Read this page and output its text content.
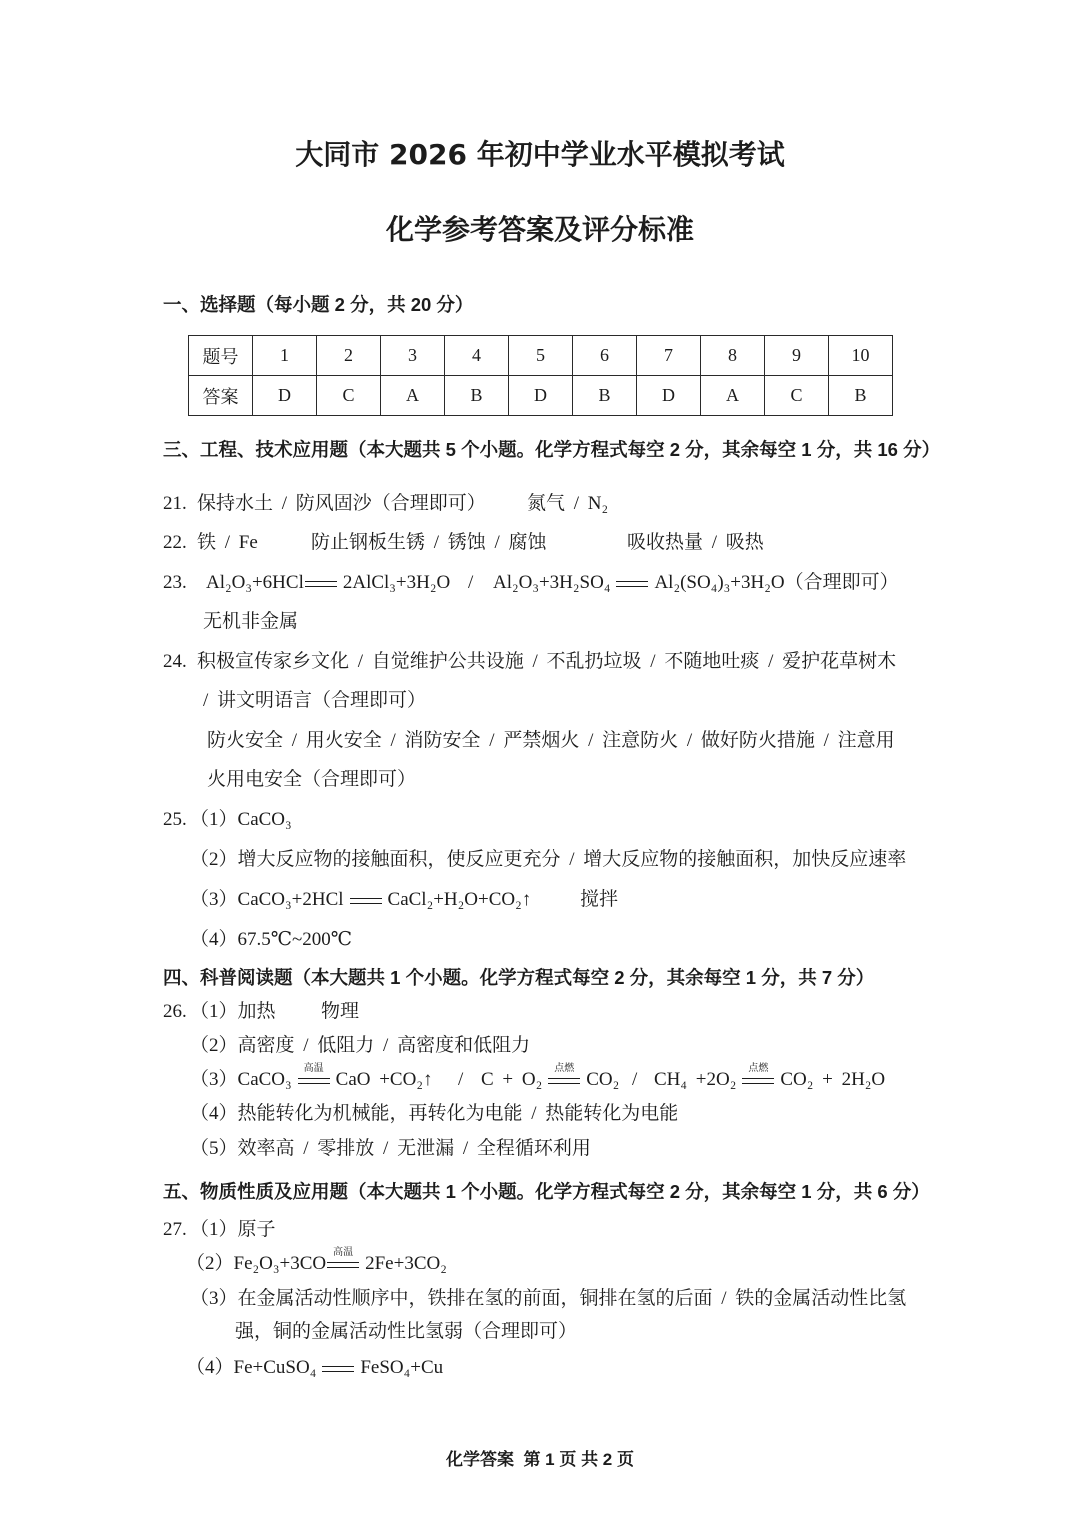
大同市 2026 年初中学业水平模拟考试
化学参考答案及评分标准
一、选择题（每小题 2 分，共 20 分）
题号	1	2	3	4	5	6	7	8	9	10
答案	D	C	A	B	D	B	D	A	C	B
三、工程、技术应用题（本大题共 5 个小题。化学方程式每空 2 分，其余每空 1 分，共 16 分）
21. 保持水土 / 防风固沙（合理即可） 氮气 / N₂
22. 铁 / Fe	防止钢板生锈 / 锈蚀 / 腐蚀	吸收热量 / 吸热
23. Al₂O₃+6HCl 2AlCl₃+3H₂O / Al₂O₃+3H₂SO₄ Al₂(SO₄)₃+3H₂O（合理即可）
无机非金属
24. 积极宣传家乡文化 / 自觉维护公共设施 / 不乱扔垃圾 / 不随地吐痰 / 爱护花草树木
/ 讲文明语言（合理即可）
防火安全 / 用火安全 / 消防安全 / 严禁烟火 / 注意防火 / 做好防火措施 / 注意用
火用电安全（合理即可）
25. （1）CaCO₃
（2）增大反应物的接触面积，使反应更充分 / 增大反应物的接触面积，加快反应速率
（3）CaCO₃+2HCl CaCl₂+H₂O+CO₂↑	搅拌
（4）67.5℃~200℃
四、科普阅读题（本大题共 1 个小题。化学方程式每空 2 分，其余每空 1 分，共 7 分）
26. （1）加热 物理
（2）高密度 / 低阻力 / 高密度和低阻力
（3）CaCO₃
高温
CaO +CO₂↑ / C + O₂
点燃
CO₂ / CH₄ +2O₂
点燃
CO₂ + 2H₂O
（4）热能转化为机械能，再转化为电能 / 热能转化为电能
（5）效率高 / 零排放 / 无泄漏 / 全程循环利用
五、物质性质及应用题（本大题共 1 个小题。化学方程式每空 2 分，其余每空 1 分，共 6 分）
27. （1）原子
（2）Fe₂O₃+3CO
高温
2Fe+3CO₂
（3）在金属活动性顺序中，铁排在氢的前面，铜排在氢的后面 / 铁的金属活动性比氢
强，铜的金属活动性比氢弱（合理即可）
（4）Fe+CuSO₄ FeSO₄+Cu
化学答案  第 1 页 共 2 页
